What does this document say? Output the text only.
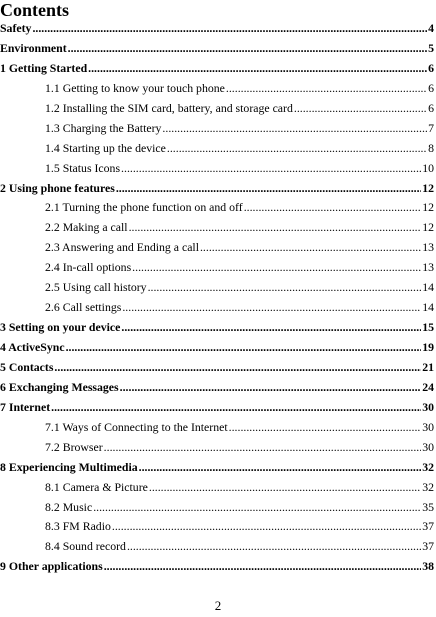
Contents
Safety .....	4
Environment .....	5
1 Getting Started .....	6
1.1 Getting to know your touch phone .....	6
1.2 Installing the SIM card, battery, and storage card .....	6
1.3 Charging the Battery .....	7
1.4 Starting up the device .....	8
1.5 Status Icons .....	10
2 Using phone features .....	12
2.1 Turning the phone function on and off .....	12
2.2 Making a call .....	12
2.3 Answering and Ending a call .....	13
2.4 In-call options .....	13
2.5 Using call history .....	14
2.6 Call settings .....	14
3 Setting on your device .....	15
4 ActiveSync .....	19
5 Contacts .....	21
6 Exchanging Messages .....	24
7 Internet .....	30
7.1 Ways of Connecting to the Internet .....	30
7.2 Browser .....	30
8 Experiencing Multimedia .....	32
8.1 Camera & Picture .....	32
8.2 Music .....	35
8.3 FM Radio .....	37
8.4 Sound record .....	37
9 Other applications .....	38
2
